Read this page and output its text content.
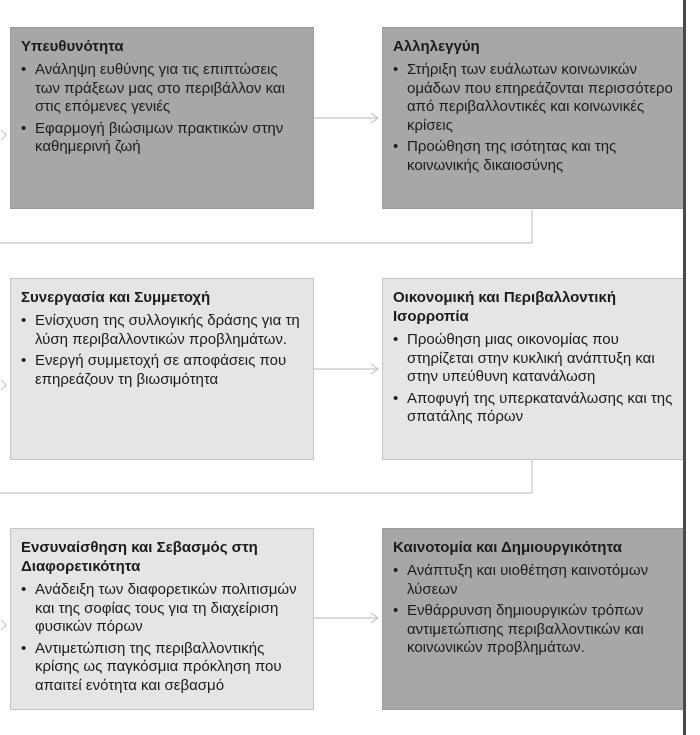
Υπευθυνότητα
• Ανάληψη ευθύνης για τις επιπτώσεις των πράξεων μας στο περιβάλλον και στις επόμενες γενιές
• Εφαρμογή βιώσιμων πρακτικών στην καθημερινή ζωή
Αλληλεγγύη
• Στήριξη των ευάλωτων κοινωνικών ομάδων που επηρεάζονται περισσότερο από περιβαλλοντικές και κοινωνικές κρίσεις
• Προώθηση της ισότητας και της κοινωνικής δικαιοσύνης
Συνεργασία και Συμμετοχή
• Ενίσχυση της συλλογικής δράσης για τη λύση περιβαλλοντικών προβλημάτων.
• Ενεργή συμμετοχή σε αποφάσεις που επηρεάζουν τη βιωσιμότητα
Οικονομική και Περιβαλλοντική Ισορροπία
• Προώθηση μιας οικονομίας που στηρίζεται στην κυκλική ανάπτυξη και στην υπεύθυνη κατανάλωση
• Αποφυγή της υπερκατανάλωσης και της σπατάλης πόρων
Ενσυναίσθηση και Σεβασμός στη Διαφορετικότητα
• Ανάδειξη των διαφορετικών πολιτισμών και της σοφίας τους για τη διαχείριση φυσικών πόρων
• Αντιμετώπιση της περιβαλλοντικής κρίσης ως παγκόσμια πρόκληση που απαιτεί ενότητα και σεβασμό
Καινοτομία και Δημιουργικότητα
• Ανάπτυξη και υιοθέτηση καινοτόμων λύσεων
• Ενθάρρυνση δημιουργικών τρόπων αντιμετώπισης περιβαλλοντικών και κοινωνικών προβλημάτων.
